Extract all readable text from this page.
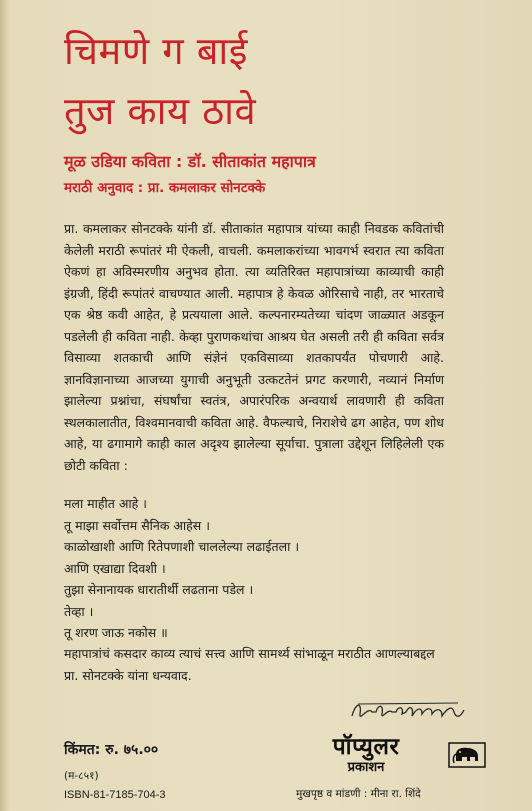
चिमणे ग बाई
तुज काय ठावे
मूळ उडिया कविता : डॉ. सीताकांत महापात्र
मराठी अनुवाद : प्रा. कमलाकर सोनटक्के

प्रा. कमलाकर सोनटक्के यांनी डॉ. सीताकांत महापात्र यांच्या काही निवडक कवितांची केलेली मराठी रूपांतरं मी ऐकली, वाचली. कमलाकरांच्या भावगर्भ स्वरात त्या कविता ऐकणं हा अविस्मरणीय अनुभव होता. त्या व्यतिरिक्त महापात्रांच्या काव्याची काही इंग्रजी, हिंदी रूपांतरं वाचण्यात आली. महापात्र हे केवळ ओरिसाचे नाही, तर भारताचे एक श्रेष्ठ कवी आहेत, हे प्रत्ययाला आले. कल्पनारम्यतेच्या चांदण जाळ्यात अडकून पडलेली ही कविता नाही. केव्हा पुराणकथांचा आश्रय घेत असली तरी ही कविता सर्वत्र विसाव्या शतकाची आणि संज्ञेनं एकविसाव्या शतकापर्यंत पोचणारी आहे. ज्ञानविज्ञानाच्या आजच्या युगाची अनुभूती उत्कटतेनं प्रगट करणारी, नव्यानं निर्माण झालेल्या प्रश्नांचा, संघर्षांचा स्वतंत्र, अपारंपरिक अन्वयार्थ लावणारी ही कविता स्थलकालातीत, विश्वमानवाची कविता आहे. वैफल्याचे, निराशेचे ढग आहेत, पण शोध आहे, या ढगामागे काही काल अदृश्य झालेल्या सूर्याचा. पुत्राला उद्देशून लिहिलेली एक छोटी कविता :

मला माहीत आहे ।
तू माझा सर्वोत्तम सैनिक आहेस ।
काळोखाशी आणि रितेपणाशी चाललेल्या लढाईतला ।
आणि एखाद्या दिवशी ।
तुझा सेनानायक धारातीर्थी लढताना पडेल ।
तेव्हा ।
तू शरण जाऊ नकोस ॥
महापात्रांचं कसदार काव्य त्याचं सत्त्व आणि सामर्थ्य सांभाळून मराठीत आणल्याबद्दल प्रा. सोनटक्के यांना धन्यवाद.
किंमत: रु. ७५.००
(म-८५१)
ISBN-81-7185-704-3
पॉप्युलर
प्रकाशन
मुखपृष्ठ व मांडणी : मीना रा. शिंदे
